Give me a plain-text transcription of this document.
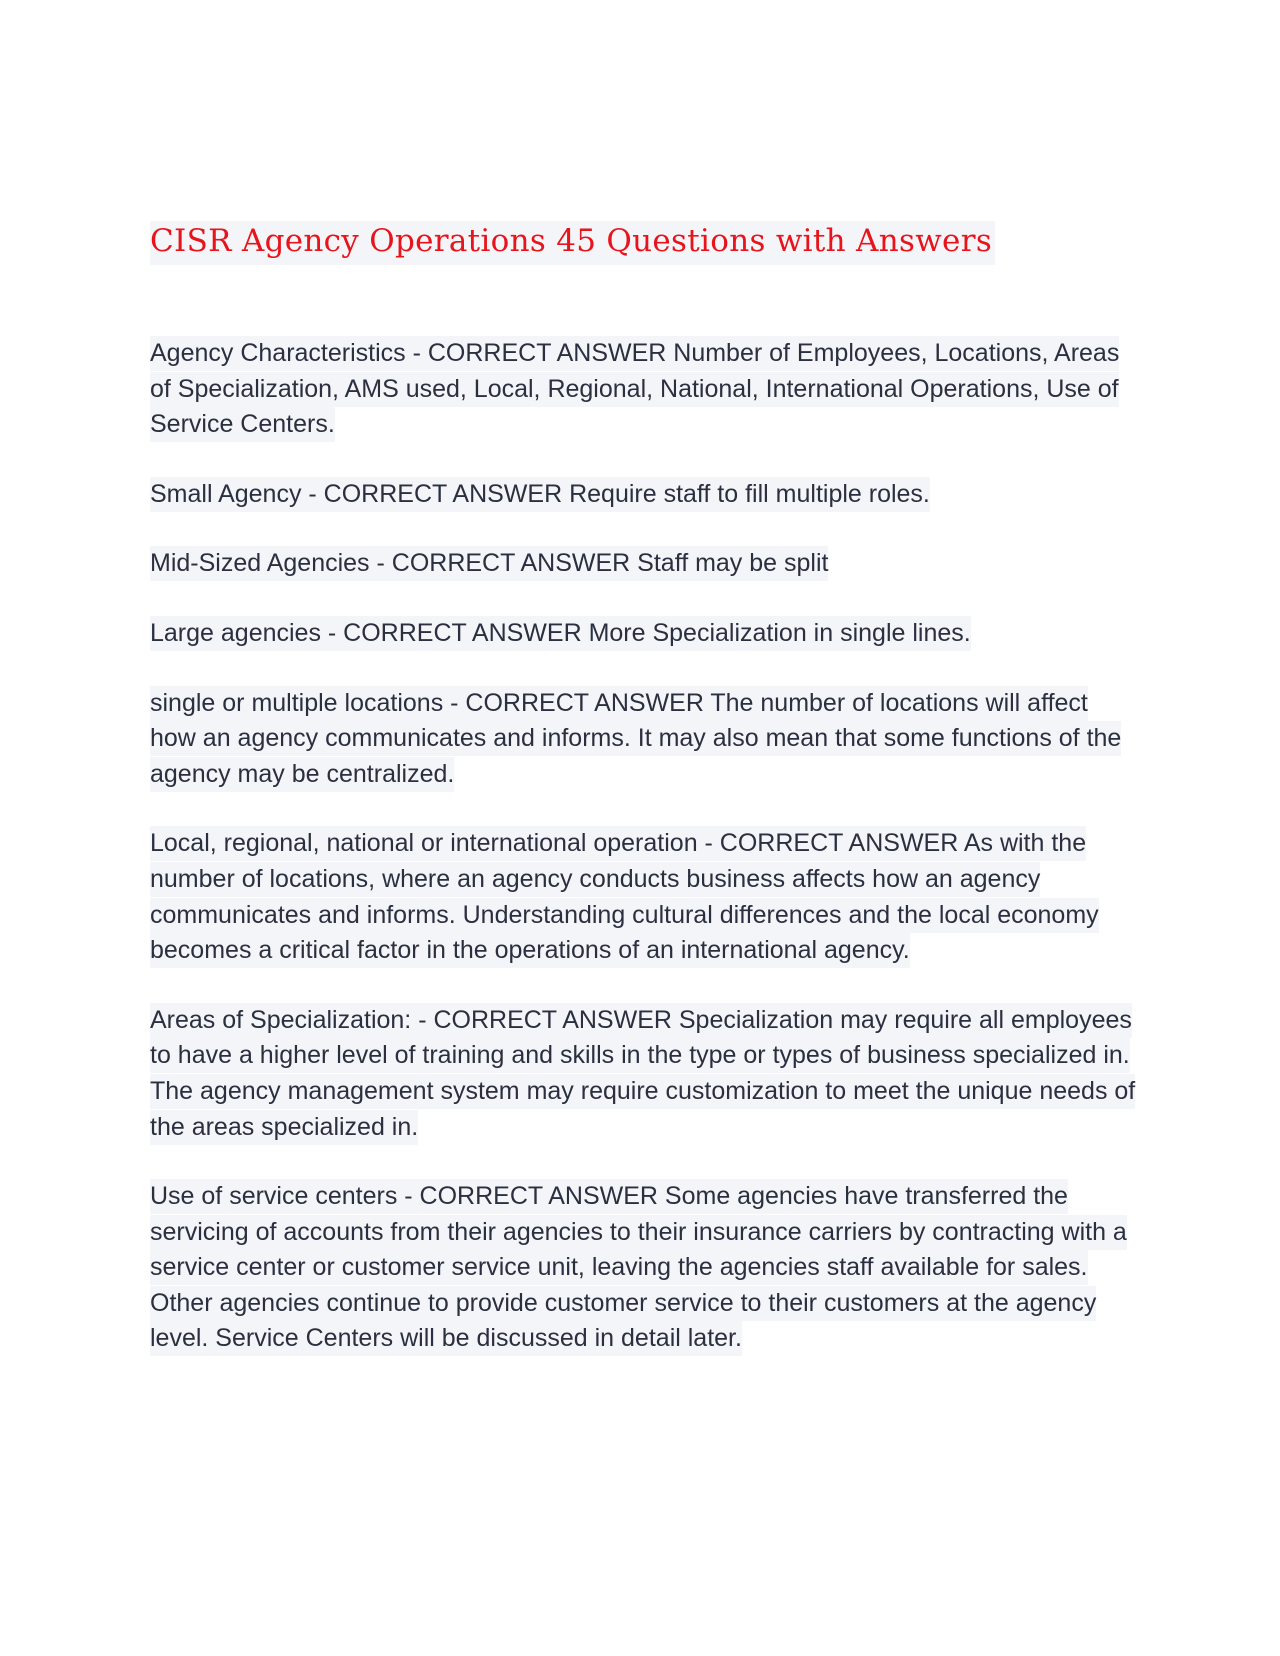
CISR Agency Operations 45 Questions with Answers

Agency Characteristics - CORRECT ANSWER Number of Employees, Locations, Areas of Specialization, AMS used, Local, Regional, National, International Operations, Use of Service Centers.

Small Agency - CORRECT ANSWER Require staff to fill multiple roles.

Mid-Sized Agencies - CORRECT ANSWER Staff may be split

Large agencies - CORRECT ANSWER More Specialization in single lines.

single or multiple locations - CORRECT ANSWER The number of locations will affect how an agency communicates and informs. It may also mean that some functions of the agency may be centralized.

Local, regional, national or international operation - CORRECT ANSWER As with the number of locations, where an agency conducts business affects how an agency communicates and informs. Understanding cultural differences and the local economy becomes a critical factor in the operations of an international agency.

Areas of Specialization: - CORRECT ANSWER Specialization may require all employees to have a higher level of training and skills in the type or types of business specialized in. The agency management system may require customization to meet the unique needs of the areas specialized in.

Use of service centers - CORRECT ANSWER Some agencies have transferred the servicing of accounts from their agencies to their insurance carriers by contracting with a service center or customer service unit, leaving the agencies staff available for sales. Other agencies continue to provide customer service to their customers at the agency level. Service Centers will be discussed in detail later.
